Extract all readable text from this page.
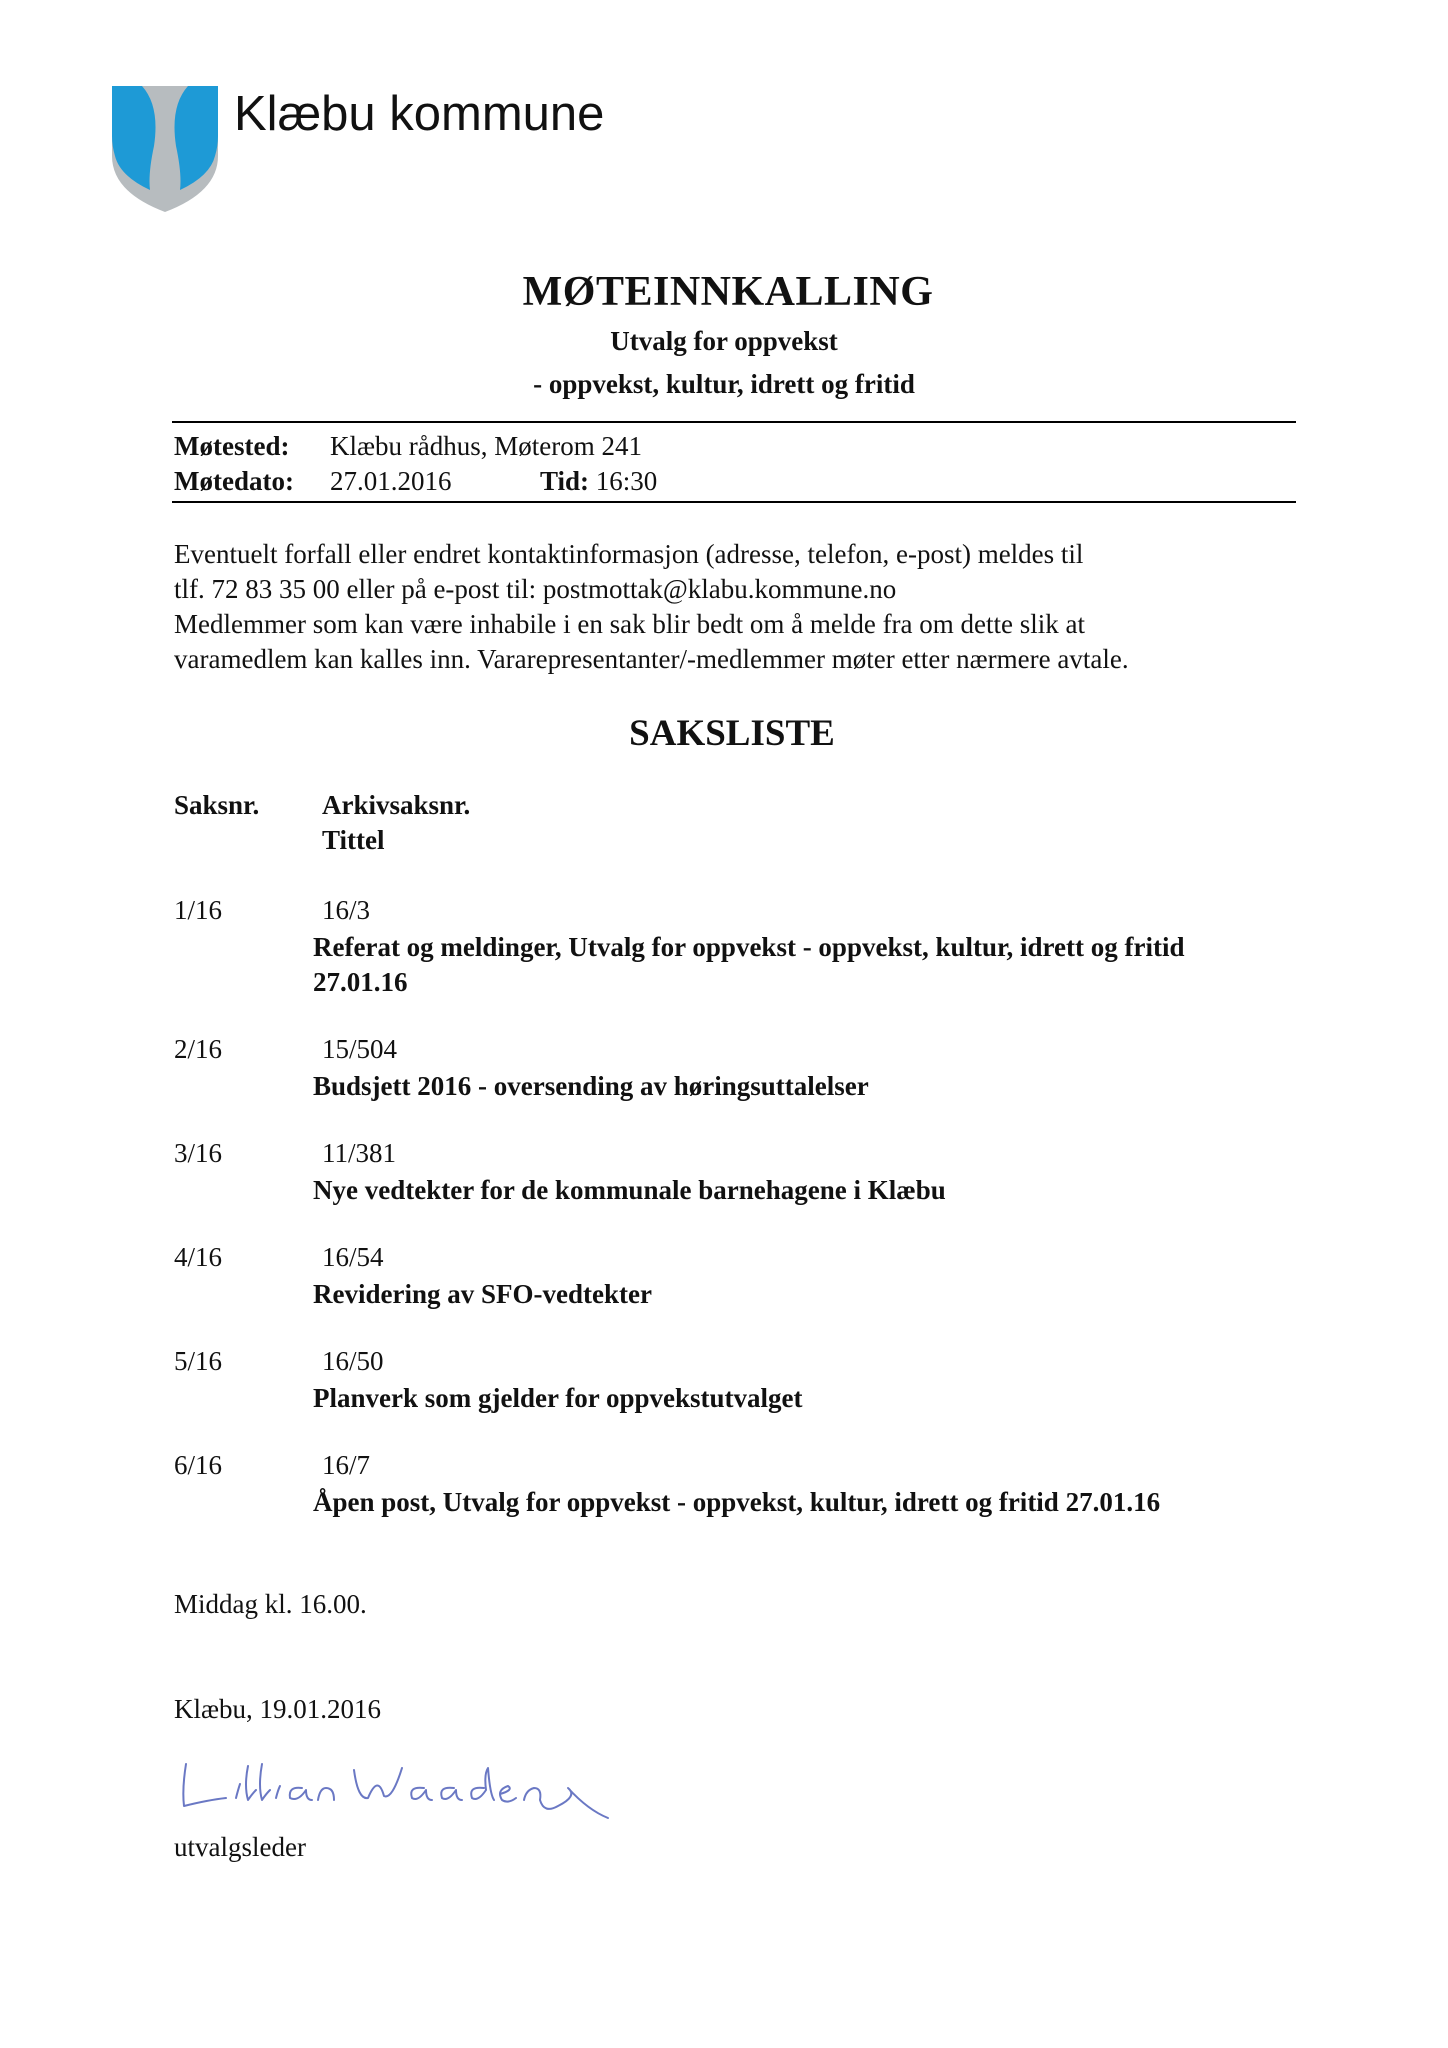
Klæbu kommune
MØTEINNKALLING
Utvalg for oppvekst
- oppvekst, kultur, idrett og fritid
Møtested: Klæbu rådhus, Møterom 241
Møtedato: 27.01.2016	Tid: 16:30
Eventuelt forfall eller endret kontaktinformasjon (adresse, telefon, e-post) meldes til
tlf. 72 83 35 00 eller på e-post til: postmottak@klabu.kommune.no
Medlemmer som kan være inhabile i en sak blir bedt om å melde fra om dette slik at
varamedlem kan kalles inn. Vararepresentanter/-medlemmer møter etter nærmere avtale.
SAKSLISTE
Saksnr. Arkivsaksnr.
Tittel
1/16	16/3
Referat og meldinger, Utvalg for oppvekst - oppvekst, kultur, idrett og fritid
27.01.16
2/16	15/504
Budsjett 2016 - oversending av høringsuttalelser
3/16	11/381
Nye vedtekter for de kommunale barnehagene i Klæbu
4/16	16/54
Revidering av SFO-vedtekter
5/16	16/50
Planverk som gjelder for oppvekstutvalget
6/16	16/7
Åpen post, Utvalg for oppvekst - oppvekst, kultur, idrett og fritid 27.01.16
Middag kl. 16.00.
Klæbu, 19.01.2016
utvalgsleder
